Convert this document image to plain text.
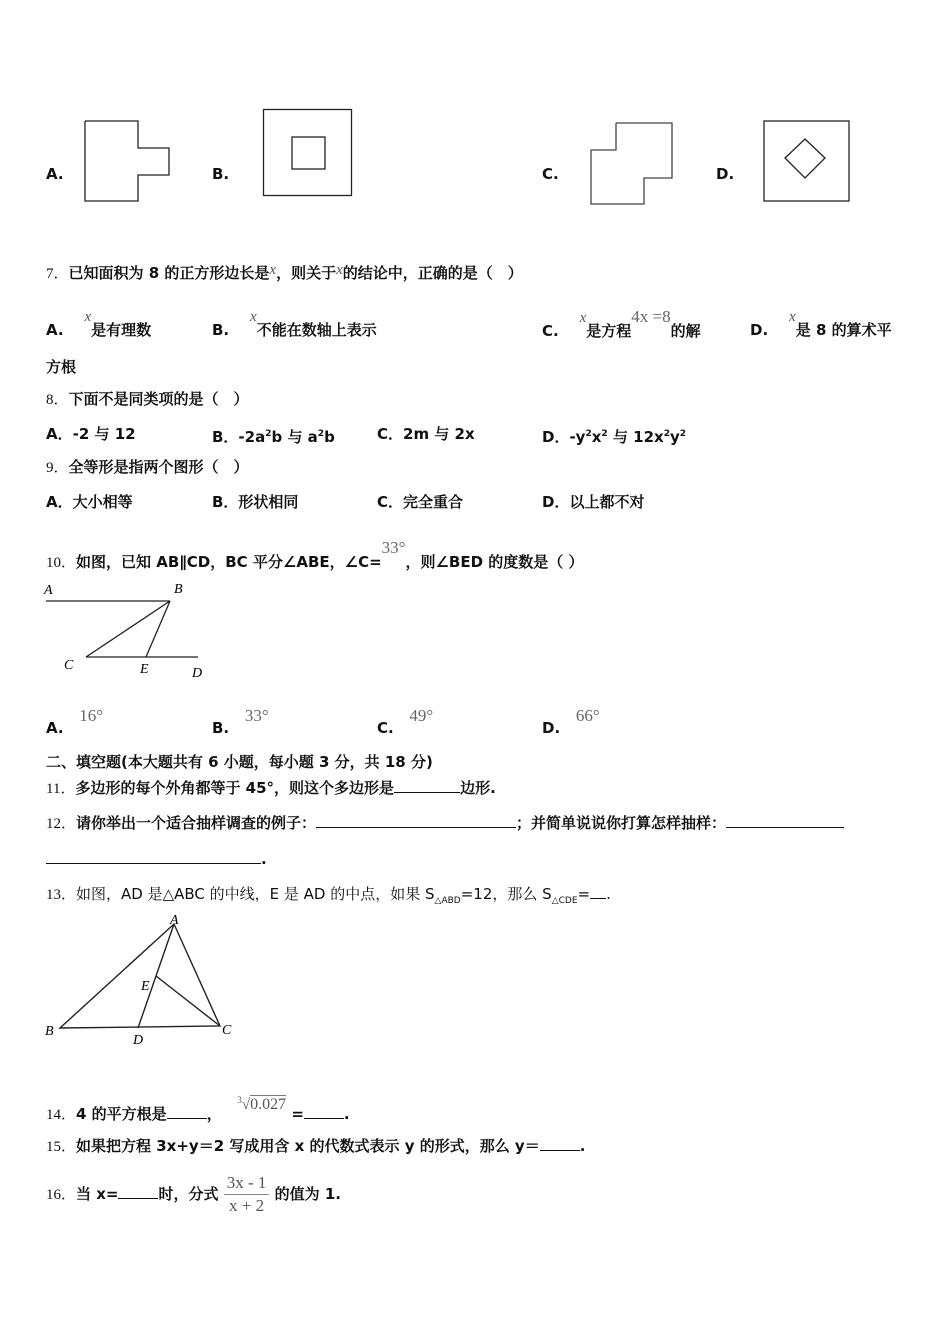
A.	B.	C.	D.
7．已知面积为 8 的正方形边长是x，则关于x的结论中，正确的是（　）
A.    x是有理数	B.    x不能在数轴上表示	C.    x是方程4x =8的解	D.    x是 8 的算术平
方根
8．下面不是同类项的是（　）
A．-2 与 12	B．$-2a^2b$ 与 $a^2b$	C．2m 与 2x	D．$-y^2x^2$ 与 $12x^2y^2$
9．全等形是指两个图形（　）
A．大小相等	B．形状相同	C．完全重合	D．以上都不对
10．如图，已知 AB∥CD，BC 平分∠ABE，∠C=33°，则∠BED 的度数是（ ）
A	B
C	E	D
A.   16°
B.   33°
C.   49°
D.   66°
二、填空题(本大题共有 6 小题，每小题 3 分，共 18 分)
11．多边形的每个外角都等于 45°，则这个多边形是	边形.
12．请你举出一个适合抽样调查的例子：	；并简单说说你打算怎样抽样：
.
13．如图，AD 是△ABC 的中线，E 是 AD 的中点，如果 $S_{\triangle ABD}=12$，那么 $S_{\triangle CDE}=$ .
A
B	C
D
E
14．4 的平方根是	，   $^3$√0.027 =	.
15．如果把方程 3x+y＝2 写成用含 x 的代数式表示 y 的形式，那么 y＝	.
16．当 x=	时，分式 $\frac{3x - 1}{x + 2}$ 的值为 1.
